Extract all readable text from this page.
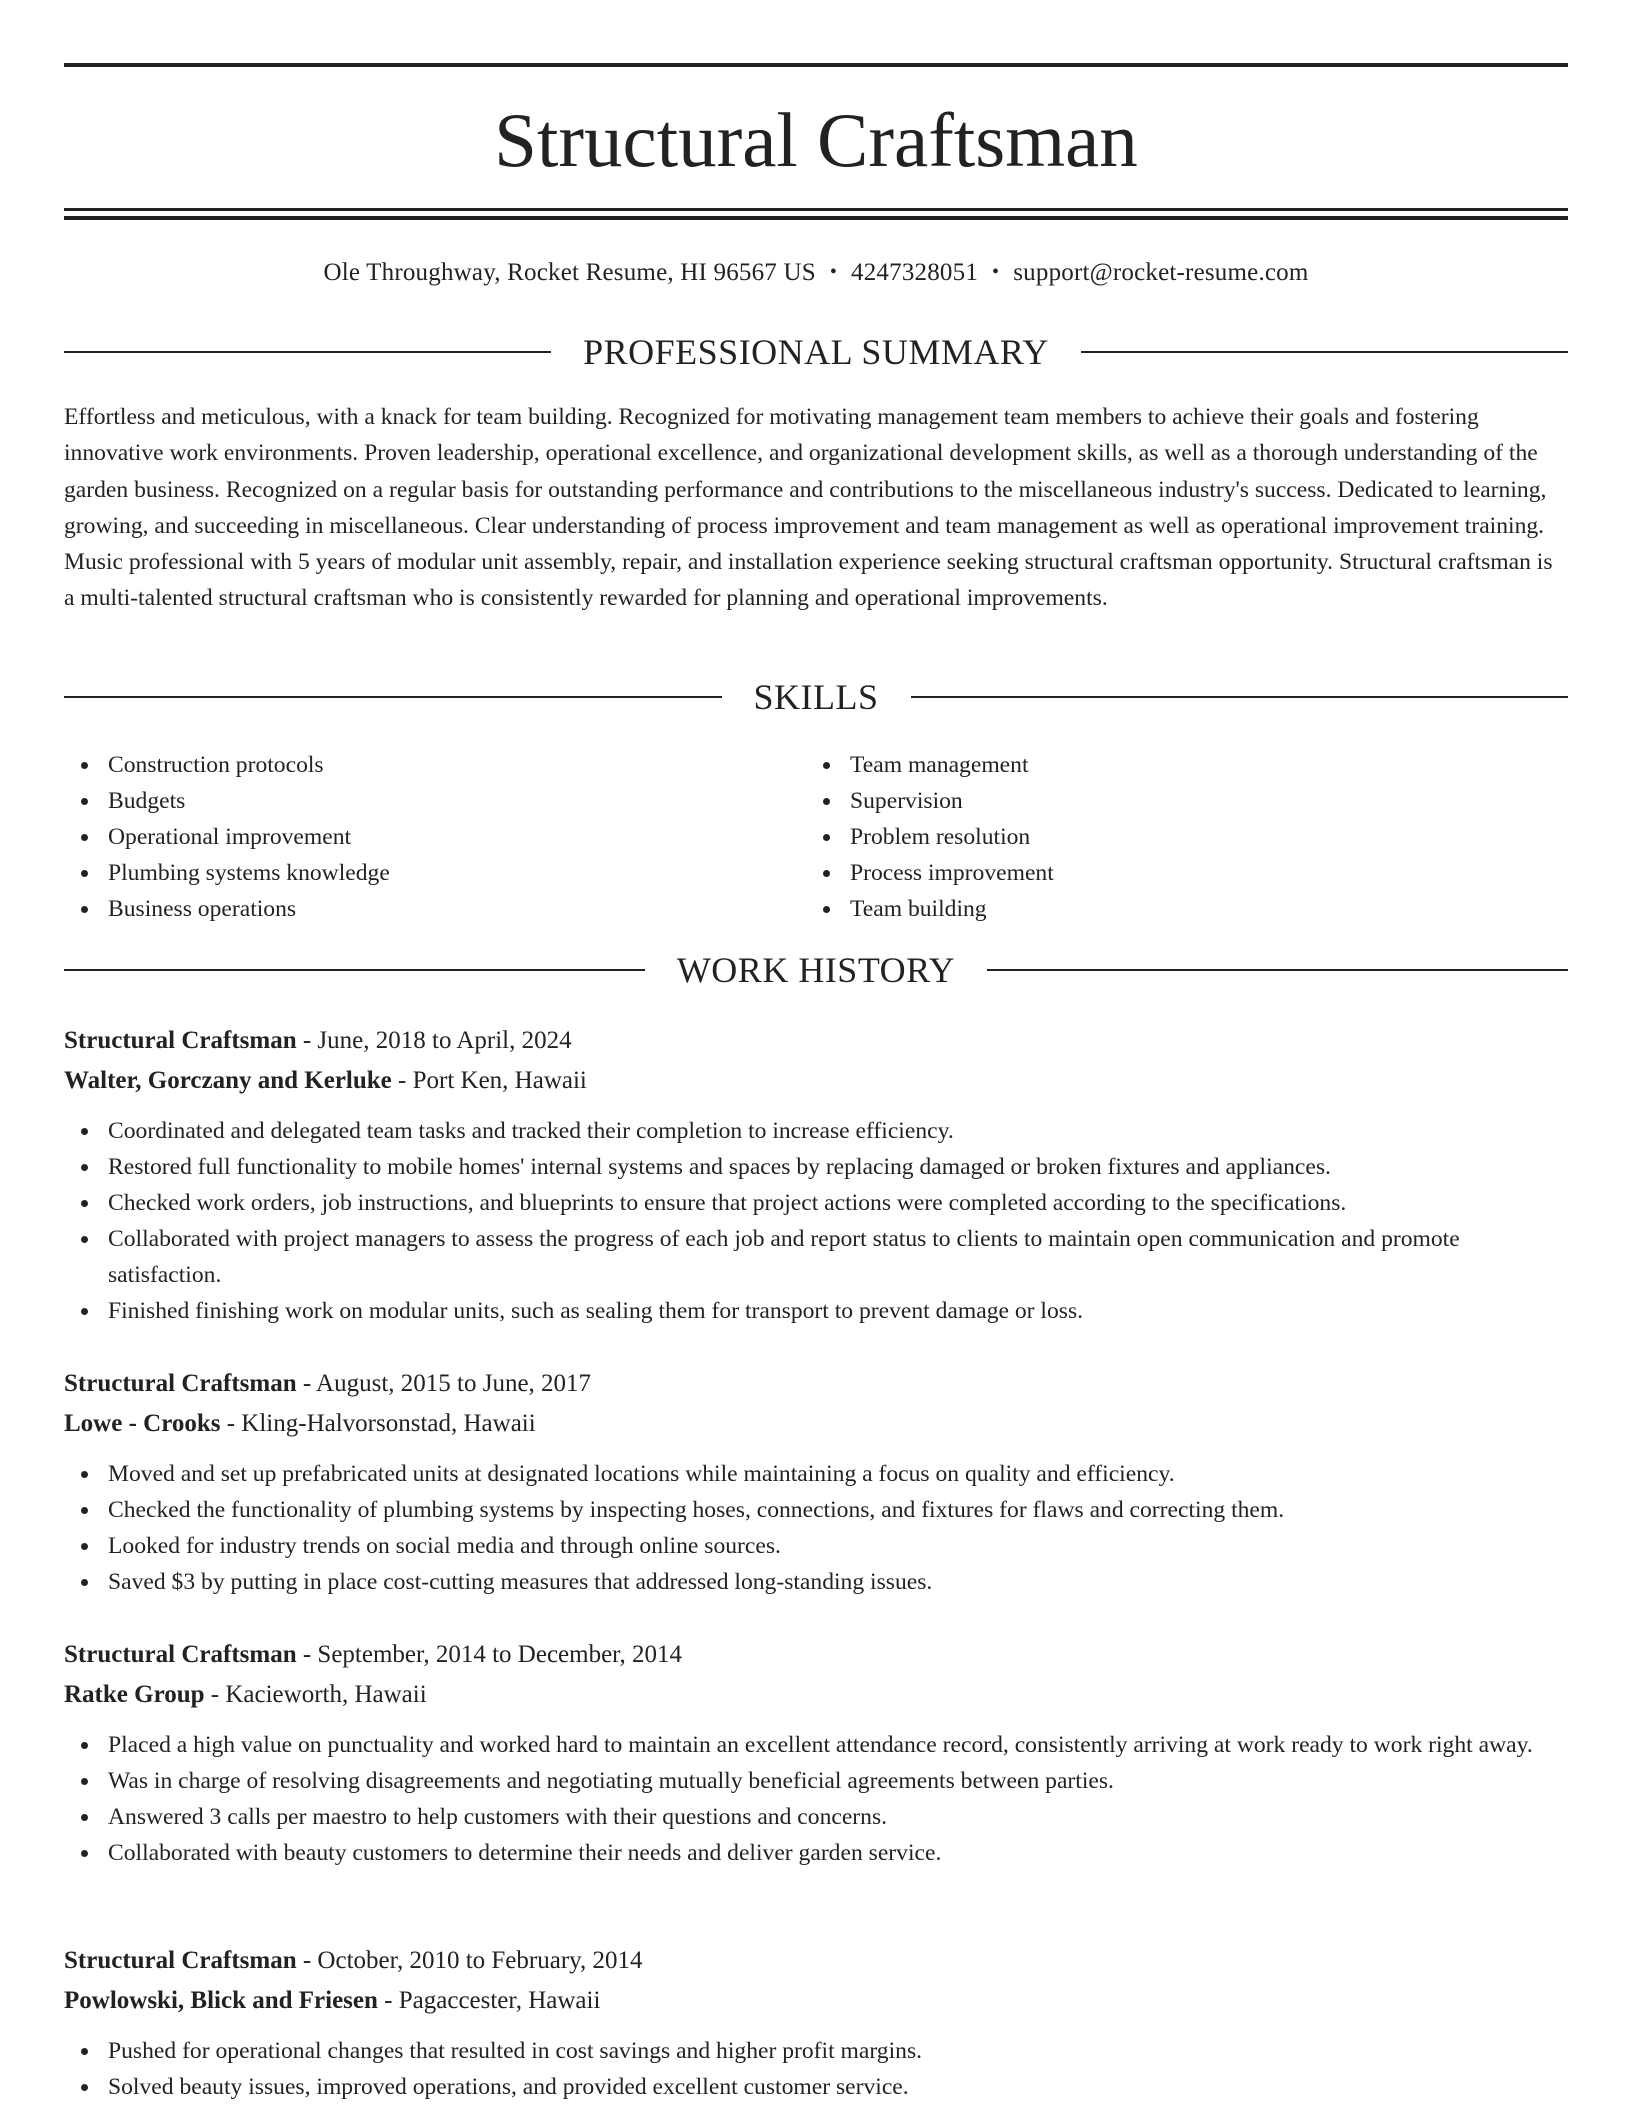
Structural Craftsman
Ole Throughway, Rocket Resume, HI 96567 US • 4247328051 • support@rocket-resume.com
PROFESSIONAL SUMMARY

Effortless and meticulous, with a knack for team building. Recognized for motivating management team members to achieve their goals and fostering innovative work environments. Proven leadership, operational excellence, and organizational development skills, as well as a thorough understanding of the garden business. Recognized on a regular basis for outstanding performance and contributions to the miscellaneous industry's success. Dedicated to learning, growing, and succeeding in miscellaneous. Clear understanding of process improvement and team management as well as operational improvement training. Music professional with 5 years of modular unit assembly, repair, and installation experience seeking structural craftsman opportunity. Structural craftsman is a multi-talented structural craftsman who is consistently rewarded for planning and operational improvements.

SKILLS
Construction protocols
Budgets
Operational improvement
Plumbing systems knowledge
Business operations
Team management
Supervision
Problem resolution
Process improvement
Team building
WORK HISTORY
Structural Craftsman - June, 2018 to April, 2024
Walter, Gorczany and Kerluke - Port Ken, Hawaii
Coordinated and delegated team tasks and tracked their completion to increase efficiency.
Restored full functionality to mobile homes' internal systems and spaces by replacing damaged or broken fixtures and appliances.
Checked work orders, job instructions, and blueprints to ensure that project actions were completed according to the specifications.
Collaborated with project managers to assess the progress of each job and report status to clients to maintain open communication and promote satisfaction.
Finished finishing work on modular units, such as sealing them for transport to prevent damage or loss.
Structural Craftsman - August, 2015 to June, 2017
Lowe - Crooks - Kling-Halvorsonstad, Hawaii
Moved and set up prefabricated units at designated locations while maintaining a focus on quality and efficiency.
Checked the functionality of plumbing systems by inspecting hoses, connections, and fixtures for flaws and correcting them.
Looked for industry trends on social media and through online sources.
Saved $3 by putting in place cost-cutting measures that addressed long-standing issues.
Structural Craftsman - September, 2014 to December, 2014
Ratke Group - Kacieworth, Hawaii
Placed a high value on punctuality and worked hard to maintain an excellent attendance record, consistently arriving at work ready to work right away.
Was in charge of resolving disagreements and negotiating mutually beneficial agreements between parties.
Answered 3 calls per maestro to help customers with their questions and concerns.
Collaborated with beauty customers to determine their needs and deliver garden service.
Structural Craftsman - October, 2010 to February, 2014
Powlowski, Blick and Friesen - Pagaccester, Hawaii
Pushed for operational changes that resulted in cost savings and higher profit margins.
Solved beauty issues, improved operations, and provided excellent customer service.
